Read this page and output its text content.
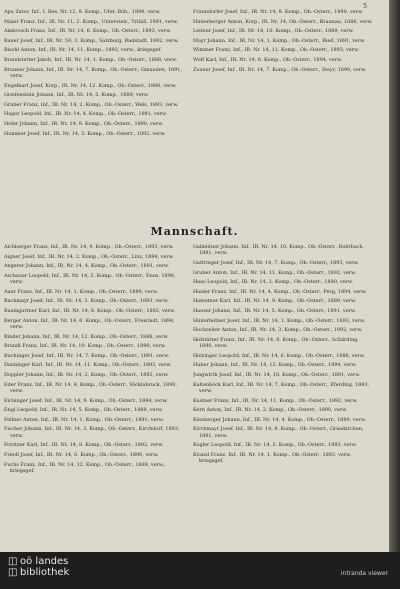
5
Apu Zator, Inf., I. Res. Nr. 12, 8. Komp., Ufer. Böh., 1894, verw.
Maier Franz, Inf., IR. Nr. 11, 2. Komp., Untersteir., Trifail, 1891, verw.
Ambrosch Franz, Inf., IR. Nr. 14, 6. Komp., Ob.-Österr., 1893, verw.
Bauer Josef, Inf., IR. Nr. 59, 3. Komp., Salzburg, Radstadt, 1892, verw.
Bischl Anton, Inf., IR. Nr. 14, 11. Komp., 1892, verw., kriegsgef.
Brandstetter Jakob, Inf., IR. Nr. 14, 1. Komp., Ob.-Österr., 1888, verw.
Brunner Johann, Inf., IR. Nr. 14, 7. Komp., Ob.-Österr., Gmunden, 1891, verw.
Engelhart Josef, Korp., IR. Nr. 14, 12. Komp., Ob.-Österr., 1890, verw.
Greifenstein Johann, Inf., IR. Nr. 14, 5. Komp., 1889, verw.
Gruber Franz, Inf., IR. Nr. 14, 2. Komp., Ob.-Österr., Wels, 1893, verw.
Hager Leopold, Inf., IR. Nr. 14, 4. Komp., Ob.-Österr., 1891, verw.
Hofer Johann, Inf., IR. Nr. 14, 9. Komp., Ob.-Österr., 1890, verw.
Hummer Josef, Inf., IR. Nr. 14, 3. Komp., Ob.-Österr., 1892, verw.
Fraundorfer Josef, Inf., IR. Nr. 14, 8. Komp., Ob.-Österr., 1890, verw.
Hinterberger Anton, Korp., IR. Nr. 14, Ob.-Österr., Braunau, 1888, verw.
Leitner Josef, Inf., IR. Nr. 14, 10. Komp., Ob.-Österr., 1889, verw.
Mayr Johann, Inf., IR. Nr. 14, 1. Komp., Ob.-Österr., Ried, 1891, verw.
Wimmer Franz, Inf., IR. Nr. 14, 11. Komp., Ob.-Österr., 1893, verw.
Wolf Karl, Inf., IR. Nr. 14, 6. Komp., Ob.-Österr., 1894, verw.
Zauner Josef, Inf., IR. Nr. 14, 7. Komp., Ob.-Österr., Steyr, 1890, verw.
Mannschaft.
Aichberger Franz, Inf., IR. Nr. 14, 9. Komp., Ob.-Österr., 1893, verw.
Aigner Josef, Inf., IR. Nr. 14, 2. Komp., Ob.-Österr., Linz, 1894, verw.
Angerer Johann, Inf., IR. Nr. 14, 4. Komp., Ob.-Österr., 1891, verw.
Aschauer Leopold, Inf., IR. Nr. 14, 5. Komp., Ob.-Österr., Enns, 1890, verw.
Auer Franz, Inf., IR. Nr. 14, 1. Komp., Ob.-Österr., 1889, verw.
Bachmayr Josef, Inf., IR. Nr. 14, 3. Komp., Ob.-Österr., 1893, verw.
Baumgartner Karl, Inf., IR. Nr. 14, 8. Komp., Ob.-Österr., 1892, verw.
Berger Anton, Inf., IR. Nr. 14, 6. Komp., Ob.-Österr., Freistadt, 1894, verw.
Binder Johann, Inf., IR. Nr. 14, 12. Komp., Ob.-Österr., 1888, verw.
Brandl Franz, Inf., IR. Nr. 14, 10. Komp., Ob.-Österr., 1890, verw.
Buchinger Josef, Inf., IR. Nr. 14, 7. Komp., Ob.-Österr., 1891, verw.
Danninger Karl, Inf., IR. Nr. 14, 11. Komp., Ob.-Österr., 1893, verw.
Doppler Johann, Inf., IR. Nr. 14, 2. Komp., Ob.-Österr., 1892, verw.
Eder Franz, Inf., IR. Nr. 14, 4. Komp., Ob.-Österr., Vöcklabruck, 1890, verw.
Eichinger Josef, Inf., IR. Nr. 14, 9. Komp., Ob.-Österr., 1894, verw.
Engl Leopold, Inf., IR. Nr. 14, 5. Komp., Ob.-Österr., 1889, verw.
Fellner Anton, Inf., IR. Nr. 14, 1. Komp., Ob.-Österr., 1891, verw.
Fischer Johann, Inf., IR. Nr. 14, 3. Komp., Ob.-Österr., Kirchdorf, 1893, verw.
Forstner Karl, Inf., IR. Nr. 14, 8. Komp., Ob.-Österr., 1892, verw.
Friedl Josef, Inf., IR. Nr. 14, 6. Komp., Ob.-Österr., 1890, verw.
Fuchs Franz, Inf., IR. Nr. 14, 12. Komp., Ob.-Österr., 1888, verw., kriegsgef.
Gahleitner Johann, Inf., IR. Nr. 14, 10. Komp., Ob.-Österr., Rohrbach, 1891, verw.
Gattringer Josef, Inf., IR. Nr. 14, 7. Komp., Ob.-Österr., 1893, verw.
Gruber Anton, Inf., IR. Nr. 14, 11. Komp., Ob.-Österr., 1892, verw.
Haas Leopold, Inf., IR. Nr. 14, 2. Komp., Ob.-Österr., 1890, verw.
Haider Franz, Inf., IR. Nr. 14, 4. Komp., Ob.-Österr., Perg, 1894, verw.
Hametner Karl, Inf., IR. Nr. 14, 9. Komp., Ob.-Österr., 1889, verw.
Hauser Johann, Inf., IR. Nr. 14, 5. Komp., Ob.-Österr., 1891, verw.
Hinterleitner Josef, Inf., IR. Nr. 14, 1. Komp., Ob.-Österr., 1893, verw.
Hochreiter Anton, Inf., IR. Nr. 14, 3. Komp., Ob.-Österr., 1892, verw.
Hofstätter Franz, Inf., IR. Nr. 14, 8. Komp., Ob.-Österr., Schärding, 1890, verw.
Holzinger Leopold, Inf., IR. Nr. 14, 6. Komp., Ob.-Österr., 1888, verw.
Huber Johann, Inf., IR. Nr. 14, 12. Komp., Ob.-Österr., 1894, verw.
Jungwirth Josef, Inf., IR. Nr. 14, 10. Komp., Ob.-Österr., 1891, verw.
Kaltenböck Karl, Inf., IR. Nr. 14, 7. Komp., Ob.-Österr., Eferding, 1893, verw.
Kastner Franz, Inf., IR. Nr. 14, 11. Komp., Ob.-Österr., 1892, verw.
Kern Anton, Inf., IR. Nr. 14, 2. Komp., Ob.-Österr., 1890, verw.
Kienberger Johann, Inf., IR. Nr. 14, 4. Komp., Ob.-Österr., 1889, verw.
Kirchmayr Josef, Inf., IR. Nr. 14, 9. Komp., Ob.-Österr., Grieskirchen, 1891, verw.
Kogler Leopold, Inf., IR. Nr. 14, 5. Komp., Ob.-Österr., 1893, verw.
Kranzl Franz, Inf., IR. Nr. 14, 1. Komp., Ob.-Österr., 1892, verw., kriegsgef.
◫ oö landes
◫ bibliothek	intranda viewer
